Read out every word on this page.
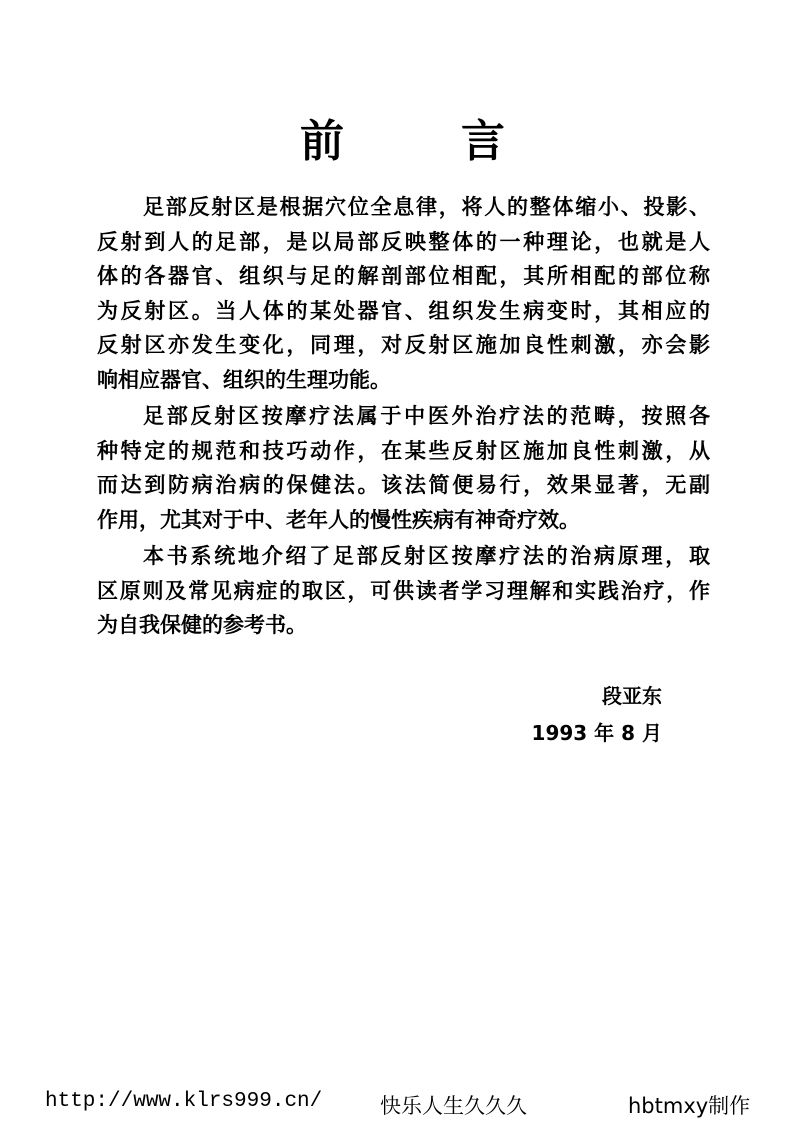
前　言
足部反射区是根据穴位全息律，将人的整体缩小、投影、
反射到人的足部，是以局部反映整体的一种理论，也就是人
体的各器官、组织与足的解剖部位相配，其所相配的部位称
为反射区。当人体的某处器官、组织发生病变时，其相应的
反射区亦发生变化，同理，对反射区施加良性刺激，亦会影
响相应器官、组织的生理功能。
足部反射区按摩疗法属于中医外治疗法的范畴，按照各
种特定的规范和技巧动作，在某些反射区施加良性刺激，从
而达到防病治病的保健法。该法简便易行，效果显著，无副
作用，尤其对于中、老年人的慢性疾病有神奇疗效。
本书系统地介绍了足部反射区按摩疗法的治病原理，取
区原则及常见病症的取区，可供读者学习理解和实践治疗，作
为自我保健的参考书。
段亚东
1993 年 8 月
http://www.klrs999.cn/	快乐人生久久久	hbtmxy制作
